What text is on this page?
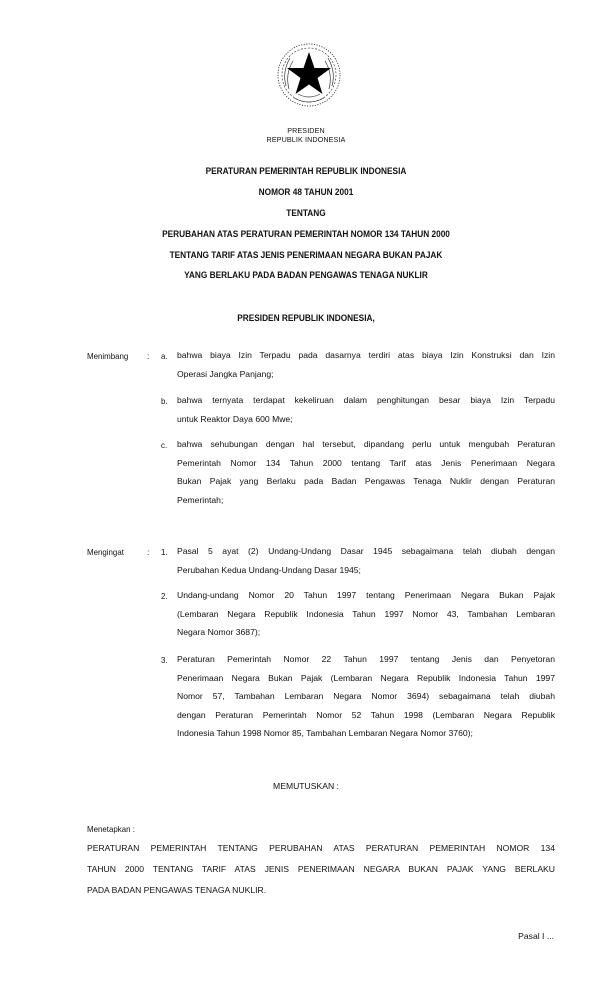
PRESIDEN
REPUBLIK INDONESIA
PERATURAN PEMERINTAH REPUBLIK INDONESIA
NOMOR 48 TAHUN 2001
TENTANG
PERUBAHAN ATAS PERATURAN PEMERINTAH NOMOR 134 TAHUN 2000
TENTANG TARIF ATAS JENIS PENERIMAAN NEGARA BUKAN PAJAK
YANG BERLAKU PADA BADAN PENGAWAS TENAGA NUKLIR
PRESIDEN REPUBLIK INDONESIA,
Menimbang : a. bahwa biaya Izin Terpadu pada dasarnya terdiri atas biaya Izin Konstruksi dan Izin
Operasi Jangka Panjang;
b. bahwa ternyata terdapat kekeliruan dalam penghitungan besar biaya Izin Terpadu
untuk Reaktor Daya 600 Mwe;
c. bahwa sehubungan dengan hal tersebut, dipandang perlu untuk mengubah Peraturan
Pemerintah Nomor 134 Tahun 2000 tentang Tarif atas Jenis Penerimaan Negara
Bukan Pajak yang Berlaku pada Badan Pengawas Tenaga Nuklir dengan Peraturan
Pemerintah;
Mengingat	: 1. Pasal 5 ayat (2) Undang-Undang Dasar 1945 sebagaimana telah diubah dengan
Perubahan Kedua Undang-Undang Dasar 1945;
2. Undang-undang Nomor 20 Tahun 1997 tentang Penerimaan Negara Bukan Pajak
(Lembaran Negara Republik Indonesia Tahun 1997 Nomor 43, Tambahan Lembaran
Negara Nomor 3687);
3. Peraturan Pemerintah Nomor 22 Tahun 1997 tentang Jenis dan Penyetoran
Penerimaan Negara Bukan Pajak (Lembaran Negara Republik Indonesia Tahun 1997
Nomor 57, Tambahan Lembaran Negara Nomor 3694) sebagaimana telah diubah
dengan Peraturan Pemerintah Nomor 52 Tahun 1998 (Lembaran Negara Republik
Indonesia Tahun 1998 Nomor 85, Tambahan Lembaran Negara Nomor 3760);
MEMUTUSKAN :
Menetapkan :
PERATURAN PEMERINTAH TENTANG PERUBAHAN ATAS PERATURAN PEMERINTAH NOMOR 134
TAHUN 2000 TENTANG TARIF ATAS JENIS PENERIMAAN NEGARA BUKAN PAJAK YANG BERLAKU
PADA BADAN PENGAWAS TENAGA NUKLIR.
Pasal I ...
